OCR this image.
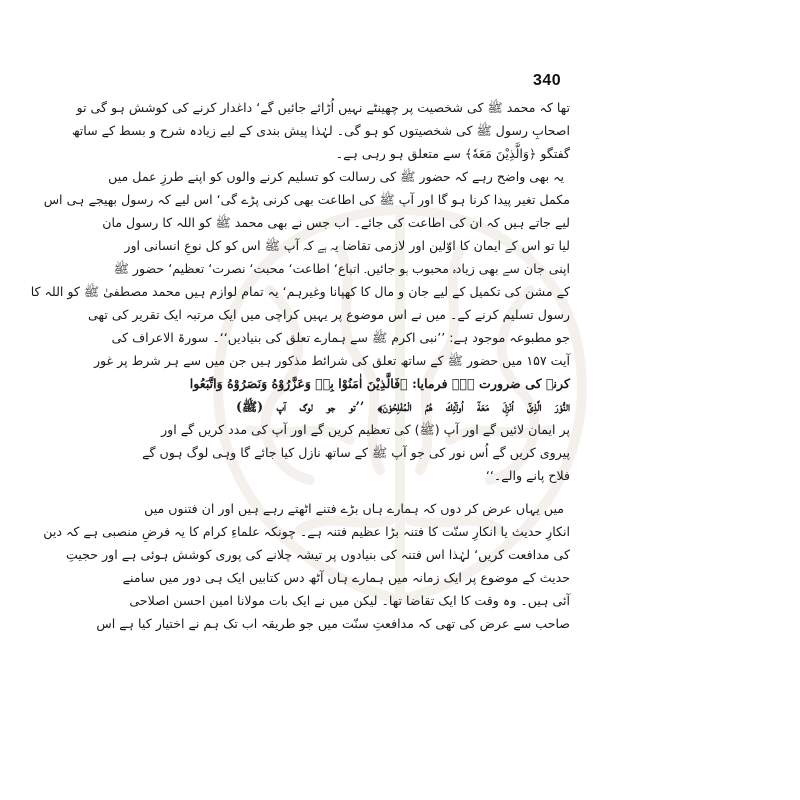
340
تھا کہ محمد ﷺ کی شخصیت پر چھینٹے نہیں اُڑائے جائیں گے‘ داغدار کرنے کی کوشش ہو گی تو
اصحابِ رسول ﷺ کی شخصیتوں کو ہو گی۔ لہٰذا پیش بندی کے لیے زیادہ شرح و بسط کے ساتھ
گفتگو ﴿وَالَّذِیْنَ مَعَهٗ﴾ سے متعلق ہو رہی ہے۔
یہ بھی واضح رہے کہ حضور ﷺ کی رسالت کو تسلیم کرنے والوں کو اپنے طرزِ عمل میں
مکمل تغیر پیدا کرنا ہو گا اور آپ ﷺ کی اطاعت بھی کرنی پڑے گی‘ اس لیے کہ رسول بھیجے ہی اس
لیے جاتے ہیں کہ ان کی اطاعت کی جائے۔ اب جس نے بھی محمد ﷺ کو اللہ کا رسول مان
لیا تو اس کے ایمان کا اوّلین اور لازمی تقاضا یہ ہے کہ آپ ﷺ اس کو کل نوعِ انسانی اور
اپنی جان سے بھی زیادہ محبوب ہو جائیں۔ اتباع‘ اطاعت‘ محبت‘ نصرت‘ تعظیم‘ حضور ﷺ
کے مشن کی تکمیل کے لیے جان و مال کا کھپانا وغیرہم‘ یہ تمام لوازم ہیں محمد مصطفیٰ ﷺ کو اللہ کا
رسول تسلیم کرنے کے۔ میں نے اس موضوع پر یہیں کراچی میں ایک مرتبہ ایک تقریر کی تھی
جو مطبوعہ موجود ہے: ’’نبی اکرم ﷺ سے ہمارے تعلق کی بنیادیں‘‘۔ سورۃ الاعراف کی
آیت ۱۵۷ میں حضور ﷺ کے ساتھ تعلق کی شرائط مذکور ہیں جن میں سے ہر شرط پر غور
کرنے کی ضرورت ہے۔ فرمایا: ﴿فَالَّذِیْنَ اٰمَنُوْا بِهٖ وَعَزَّرُوْهُ وَنَصَرُوْهُ وَاتَّبَعُوا
النُّوْرَ الَّذِیْٓ اُنْزِلَ مَعَهٗٓ اُولٰٓئِكَ هُمُ الْمُفْلِحُوْنَ﴾ ’’تو جو لوگ آپ (ﷺ)
پر ایمان لائیں گے اور آپ (ﷺ) کی تعظیم کریں گے اور آپ کی مدد کریں گے اور
پیروی کریں گے اُس نور کی جو آپ ﷺ کے ساتھ نازل کیا جائے گا وہی لوگ ہوں گے
فلاح پانے والے۔‘‘
میں یہاں عرض کر دوں کہ ہمارے ہاں بڑے فتنے اٹھتے رہے ہیں اور ان فتنوں میں
انکارِ حدیث یا انکارِ سنّت کا فتنہ بڑا عظیم فتنہ ہے۔ چونکہ علماءِ کرام کا یہ فرضِ منصبی ہے کہ دین
کی مدافعت کریں‘ لہٰذا اس فتنہ کی بنیادوں پر تیشہ چلانے کی پوری کوشش ہوئی ہے اور حجیتِ
حدیث کے موضوع پر ایک زمانہ میں ہمارے ہاں آٹھ دس کتابیں ایک ہی دور میں سامنے
آئی ہیں۔ وہ وقت کا ایک تقاضا تھا۔ لیکن میں نے ایک بات مولانا امین احسن اصلاحی
صاحب سے عرض کی تھی کہ مدافعتِ سنّت میں جو طریقہ اب تک ہم نے اختیار کیا ہے اس
